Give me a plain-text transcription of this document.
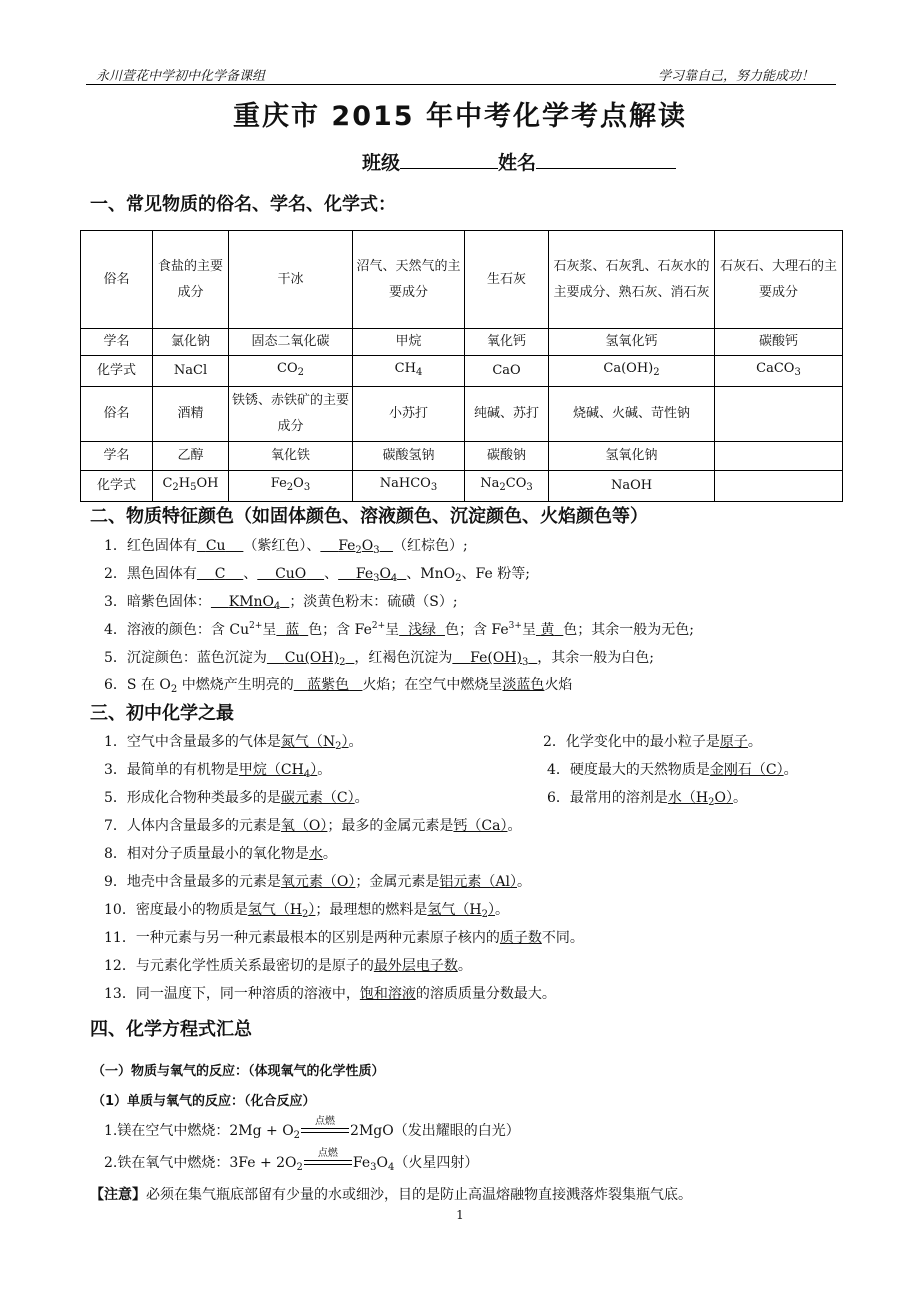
永川萱花中学初中化学备课组	学习靠自己，努力能成功！
重庆市 2015 年中考化学考点解读
班级	姓名
一、常见物质的俗名、学名、化学式：
俗名	食盐的主要成分	干冰	沼气、天然气的主要成分	生石灰	石灰浆、石灰乳、石灰水的主要成分、熟石灰、消石灰	石灰石、大理石的主要成分
学名	氯化钠	固态二氧化碳	甲烷	氧化钙	氢氧化钙	碳酸钙
化学式	NaCl	$CO_2$	$CH_4$	CaO	$Ca(OH)_2$	CaCO$_3$
俗名	酒精	铁锈、赤铁矿的主要成分	小苏打	纯碱、苏打	烧碱、火碱、苛性钠	
学名	乙醇	氧化铁	碳酸氢钠	碳酸钠	氢氧化钠	
化学式	$C_2H_5OH$	$Fe_2O_3$	NaHCO$_3$	$Na_2CO_3$	NaOH	
二、物质特征颜色（如固体颜色、溶液颜色、沉淀颜色、火焰颜色等）
1．红色固体有 Cu （紫红色）、 $Fe_2O_3$ （红棕色）;
2．黑色固体有 C 、 CuO 、 $Fe_3O_4$ 、MnO$_2$、Fe 粉等;
3．暗紫色固体： KMnO$_4$ ；淡黄色粉末：硫磺（S）;
4．溶液的颜色：含 $Cu^{2+}$呈 蓝 色；含 $Fe^{2+}$呈 浅绿 色；含 $Fe^{3+}$呈 黄 色；其余一般为无色;
5．沉淀颜色：蓝色沉淀为 $Cu(OH)_2$ ，红褐色沉淀为 $Fe(OH)_3$ ，其余一般为白色;
6．S 在 $O_2$ 中燃烧产生明亮的 蓝紫色 火焰；在空气中燃烧呈淡蓝色火焰
三、初中化学之最
1．空气中含量最多的气体是氮气$(N_2)$。	2．化学变化中的最小粒子是原子。
3．最简单的有机物是甲烷$(CH_4)$。	4．硬度最大的天然物质是金刚石（C）。
5．形成化合物种类最多的是碳元素（C）。	6．最常用的溶剂是水$(H_2O)$。
7．人体内含量最多的元素是氧（O）；最多的金属元素是钙（Ca）。
8．相对分子质量最小的氧化物是水。
9．地壳中含量最多的元素是氧元素（O）；金属元素是铝元素（Al）。
10．密度最小的物质是氢气$(H_2)$；最理想的燃料是氢气$(H_2)$。
11．一种元素与另一种元素最根本的区别是两种元素原子核内的质子数不同。
12．与元素化学性质关系最密切的是原子的最外层电子数。
13．同一温度下，同一种溶质的溶液中，饱和溶液的溶质质量分数最大。
四、化学方程式汇总
（一）物质与氧气的反应：（体现氧气的化学性质）
（1）单质与氧气的反应：（化合反应）
1.镁在空气中燃烧：$2Mg + O_2$
点燃
2MgO（发出耀眼的白光）
2.铁在氧气中燃烧：$3Fe + 2O_2$
点燃
$Fe_3O_4$（火星四射）
【注意】必须在集气瓶底部留有少量的水或细沙，目的是防止高温熔融物直接溅落炸裂集瓶气底。
1
